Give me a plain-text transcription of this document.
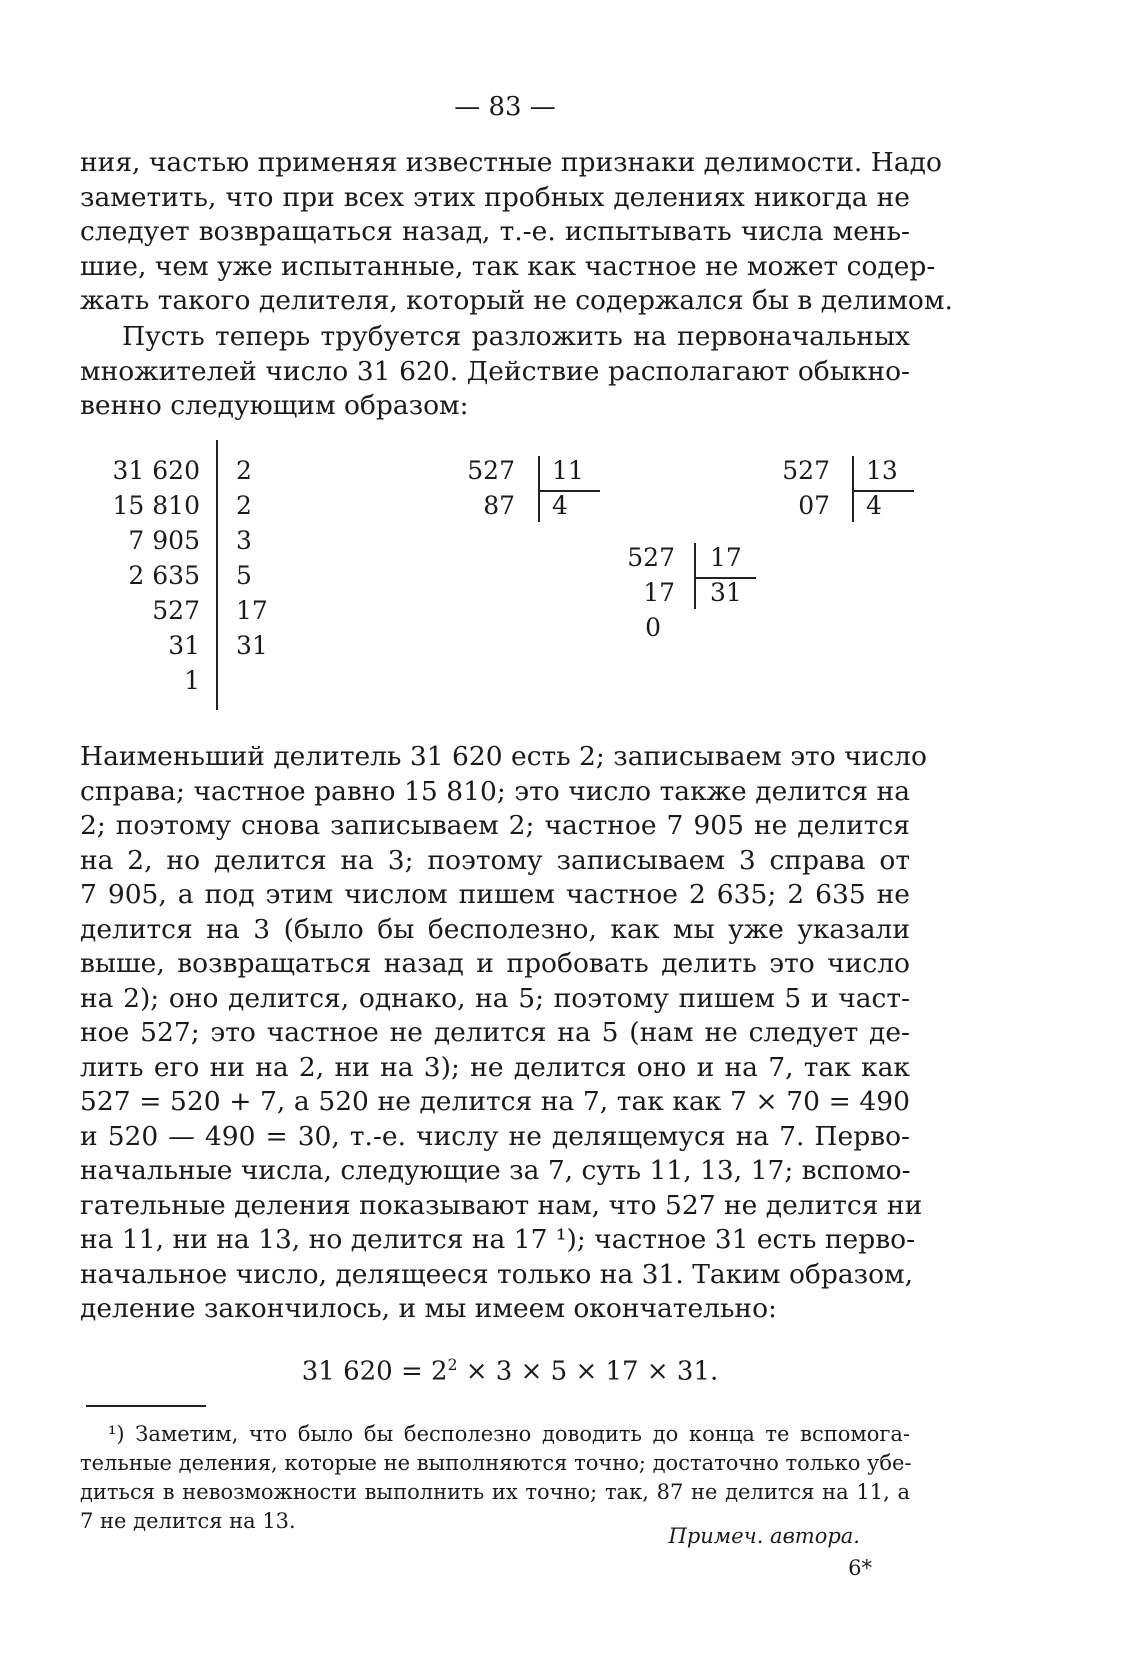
— 83 —

ния, частью применяя известные признаки делимости. Надо
заметить, что при всех этих пробных делениях никогда не
следует возвращаться назад, т.-е. испытывать числа мень-
шие, чем уже испытанные, так как частное не может содер-
жать такого делителя, который не содержался бы в делимом.

Пусть теперь трубуется разложить на первоначальных
множителей число 31 620. Действие располагают обыкно-
венно следующим образом:

31 620
15 810
7 905
2 635
527
31
1
2
2
3
5
17
31
527
87
11
4
527
07
13
4
527
17
0
17
31

Наименьший делитель 31 620 есть 2; записываем это число
справа; частное равно 15 810; это число также делится на
2; поэтому снова записываем 2; частное 7 905 не делится
на 2, но делится на 3; поэтому записываем 3 справа от
7 905, а под этим числом пишем частное 2 635; 2 635 не
делится на 3 (было бы бесполезно, как мы уже указали
выше, возвращаться назад и пробовать делить это число
на 2); оно делится, однако, на 5; поэтому пишем 5 и част-
ное 527; это частное не делится на 5 (нам не следует де-
лить его ни на 2, ни на 3); не делится оно и на 7, так как
527 = 520 + 7, а 520 не делится на 7, так как 7 × 70 = 490
и 520 — 490 = 30, т.-е. числу не делящемуся на 7. Перво-
начальные числа, следующие за 7, суть 11, 13, 17; вспомо-
гательные деления показывают нам, что 527 не делится ни
на 11, ни на 13, но делится на 17 ¹); частное 31 есть перво-
начальное число, делящееся только на 31. Таким образом,
деление закончилось, и мы имеем окончательно:

31 $620 = 2^2 \times 3 \times 5 \times 17 \times 31$.

¹) Заметим, что было бы бесполезно доводить до конца те вспомога-
тельные деления, которые не выполняются точно; достаточно только убе-
диться в невозможности выполнить их точно; так, 87 не делится на 11, а
7 не делится на 13.

Примеч. автора.
6*
